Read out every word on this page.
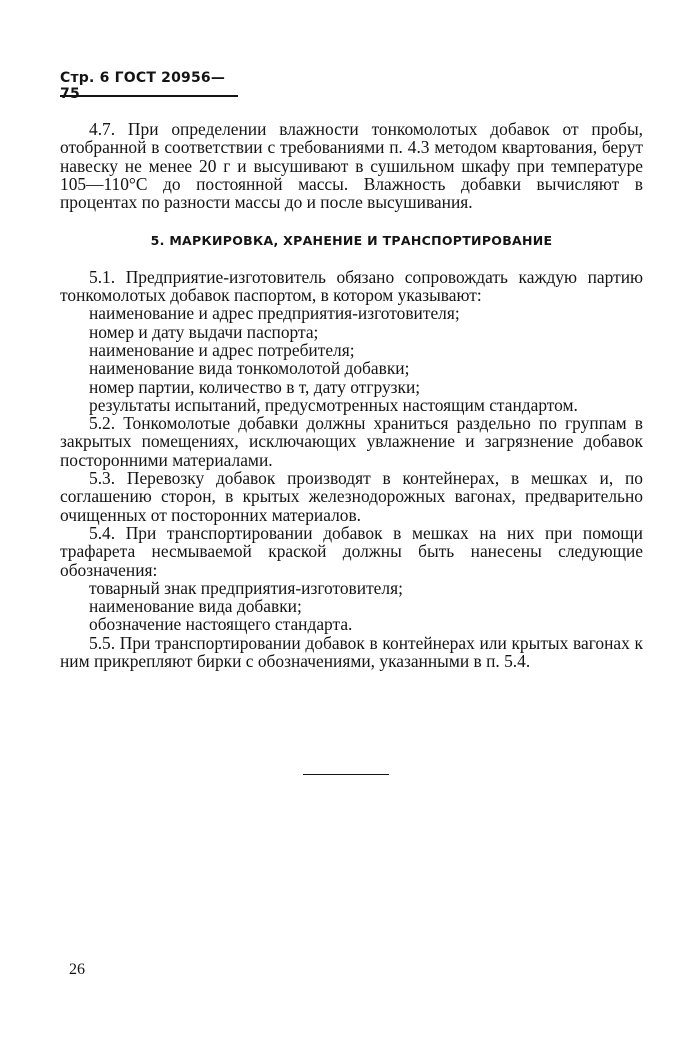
Стр. 6 ГОСТ 20956—75

4.7. При определении влажности тонкомолотых добавок от пробы, отобранной в соответствии с требованиями п. 4.3 методом квартования, берут навеску не менее 20 г и высушивают в сушильном шкафу при температуре 105—110°С до постоянной массы. Влажность добавки вычисляют в процентах по разности массы до и после высушивания.

5. МАРКИРОВКА, ХРАНЕНИЕ И ТРАНСПОРТИРОВАНИЕ

5.1. Предприятие-изготовитель обязано сопровождать каждую партию тонкомолотых добавок паспортом, в котором указывают:

наименование и адрес предприятия-изготовителя;

номер и дату выдачи паспорта;

наименование и адрес потребителя;

наименование вида тонкомолотой добавки;

номер партии, количество в т, дату отгрузки;

результаты испытаний, предусмотренных настоящим стандартом.

5.2. Тонкомолотые добавки должны храниться раздельно по группам в закрытых помещениях, исключающих увлажнение и загрязнение добавок посторонними материалами.

5.3. Перевозку добавок производят в контейнерах, в мешках и, по соглашению сторон, в крытых железнодорожных вагонах, предварительно очищенных от посторонних материалов.

5.4. При транспортировании добавок в мешках на них при помощи трафарета несмываемой краской должны быть нанесены следующие обозначения:

товарный знак предприятия-изготовителя;

наименование вида добавки;

обозначение настоящего стандарта.

5.5. При транспортировании добавок в контейнерах или крытых вагонах к ним прикрепляют бирки с обозначениями, указанными в п. 5.4.

26
